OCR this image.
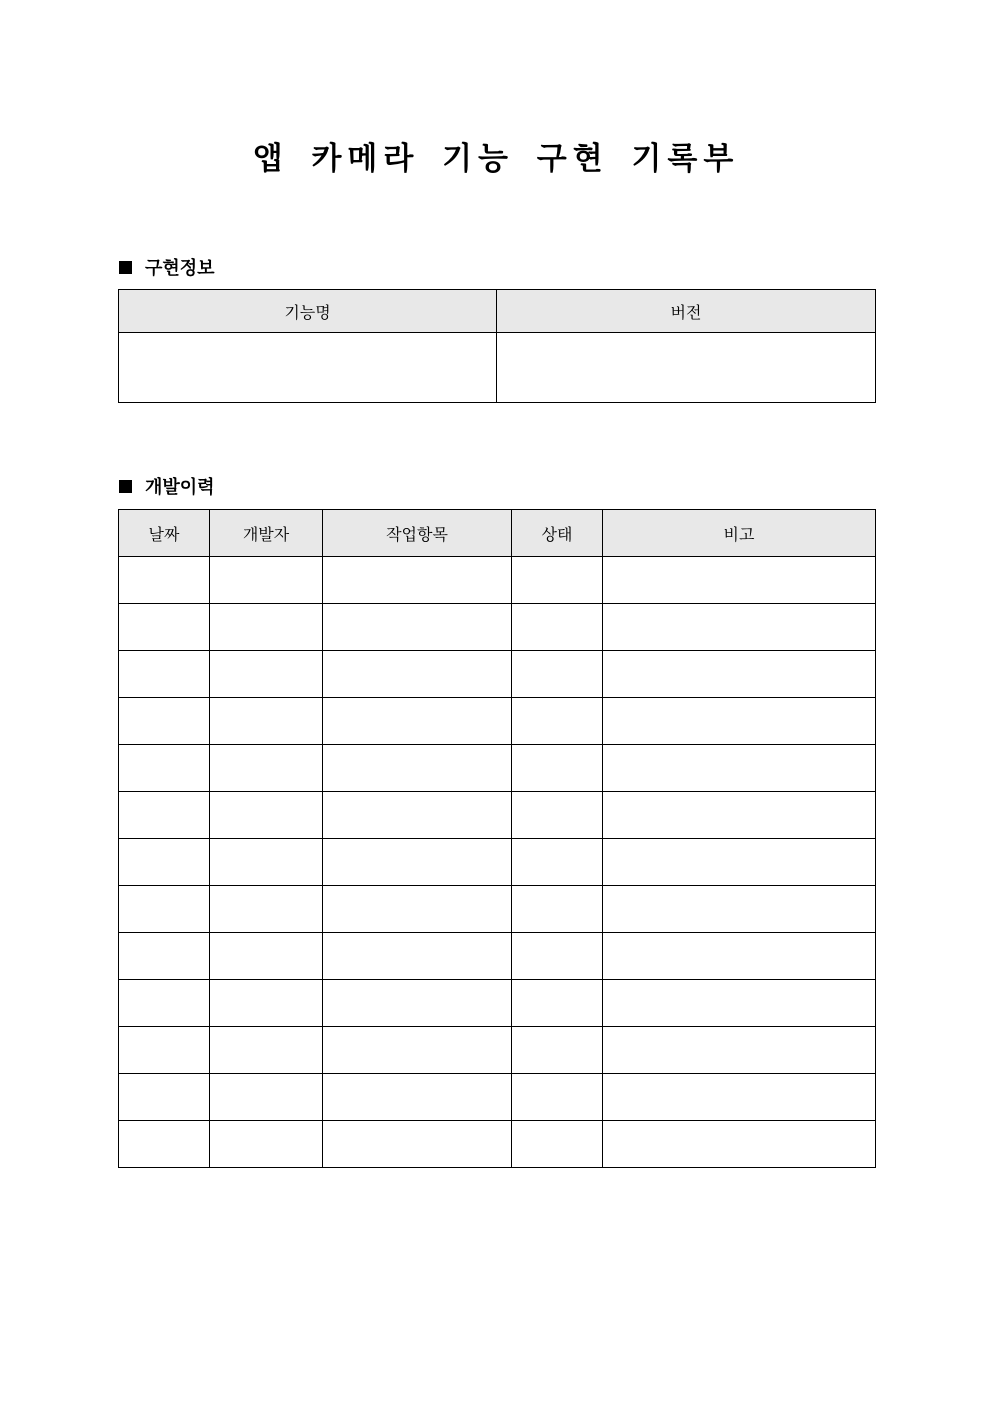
앱 카메라 기능 구현 기록부
구현정보
기능명	버전

개발이력
날짜	개발자	작업항목	상태	비고
